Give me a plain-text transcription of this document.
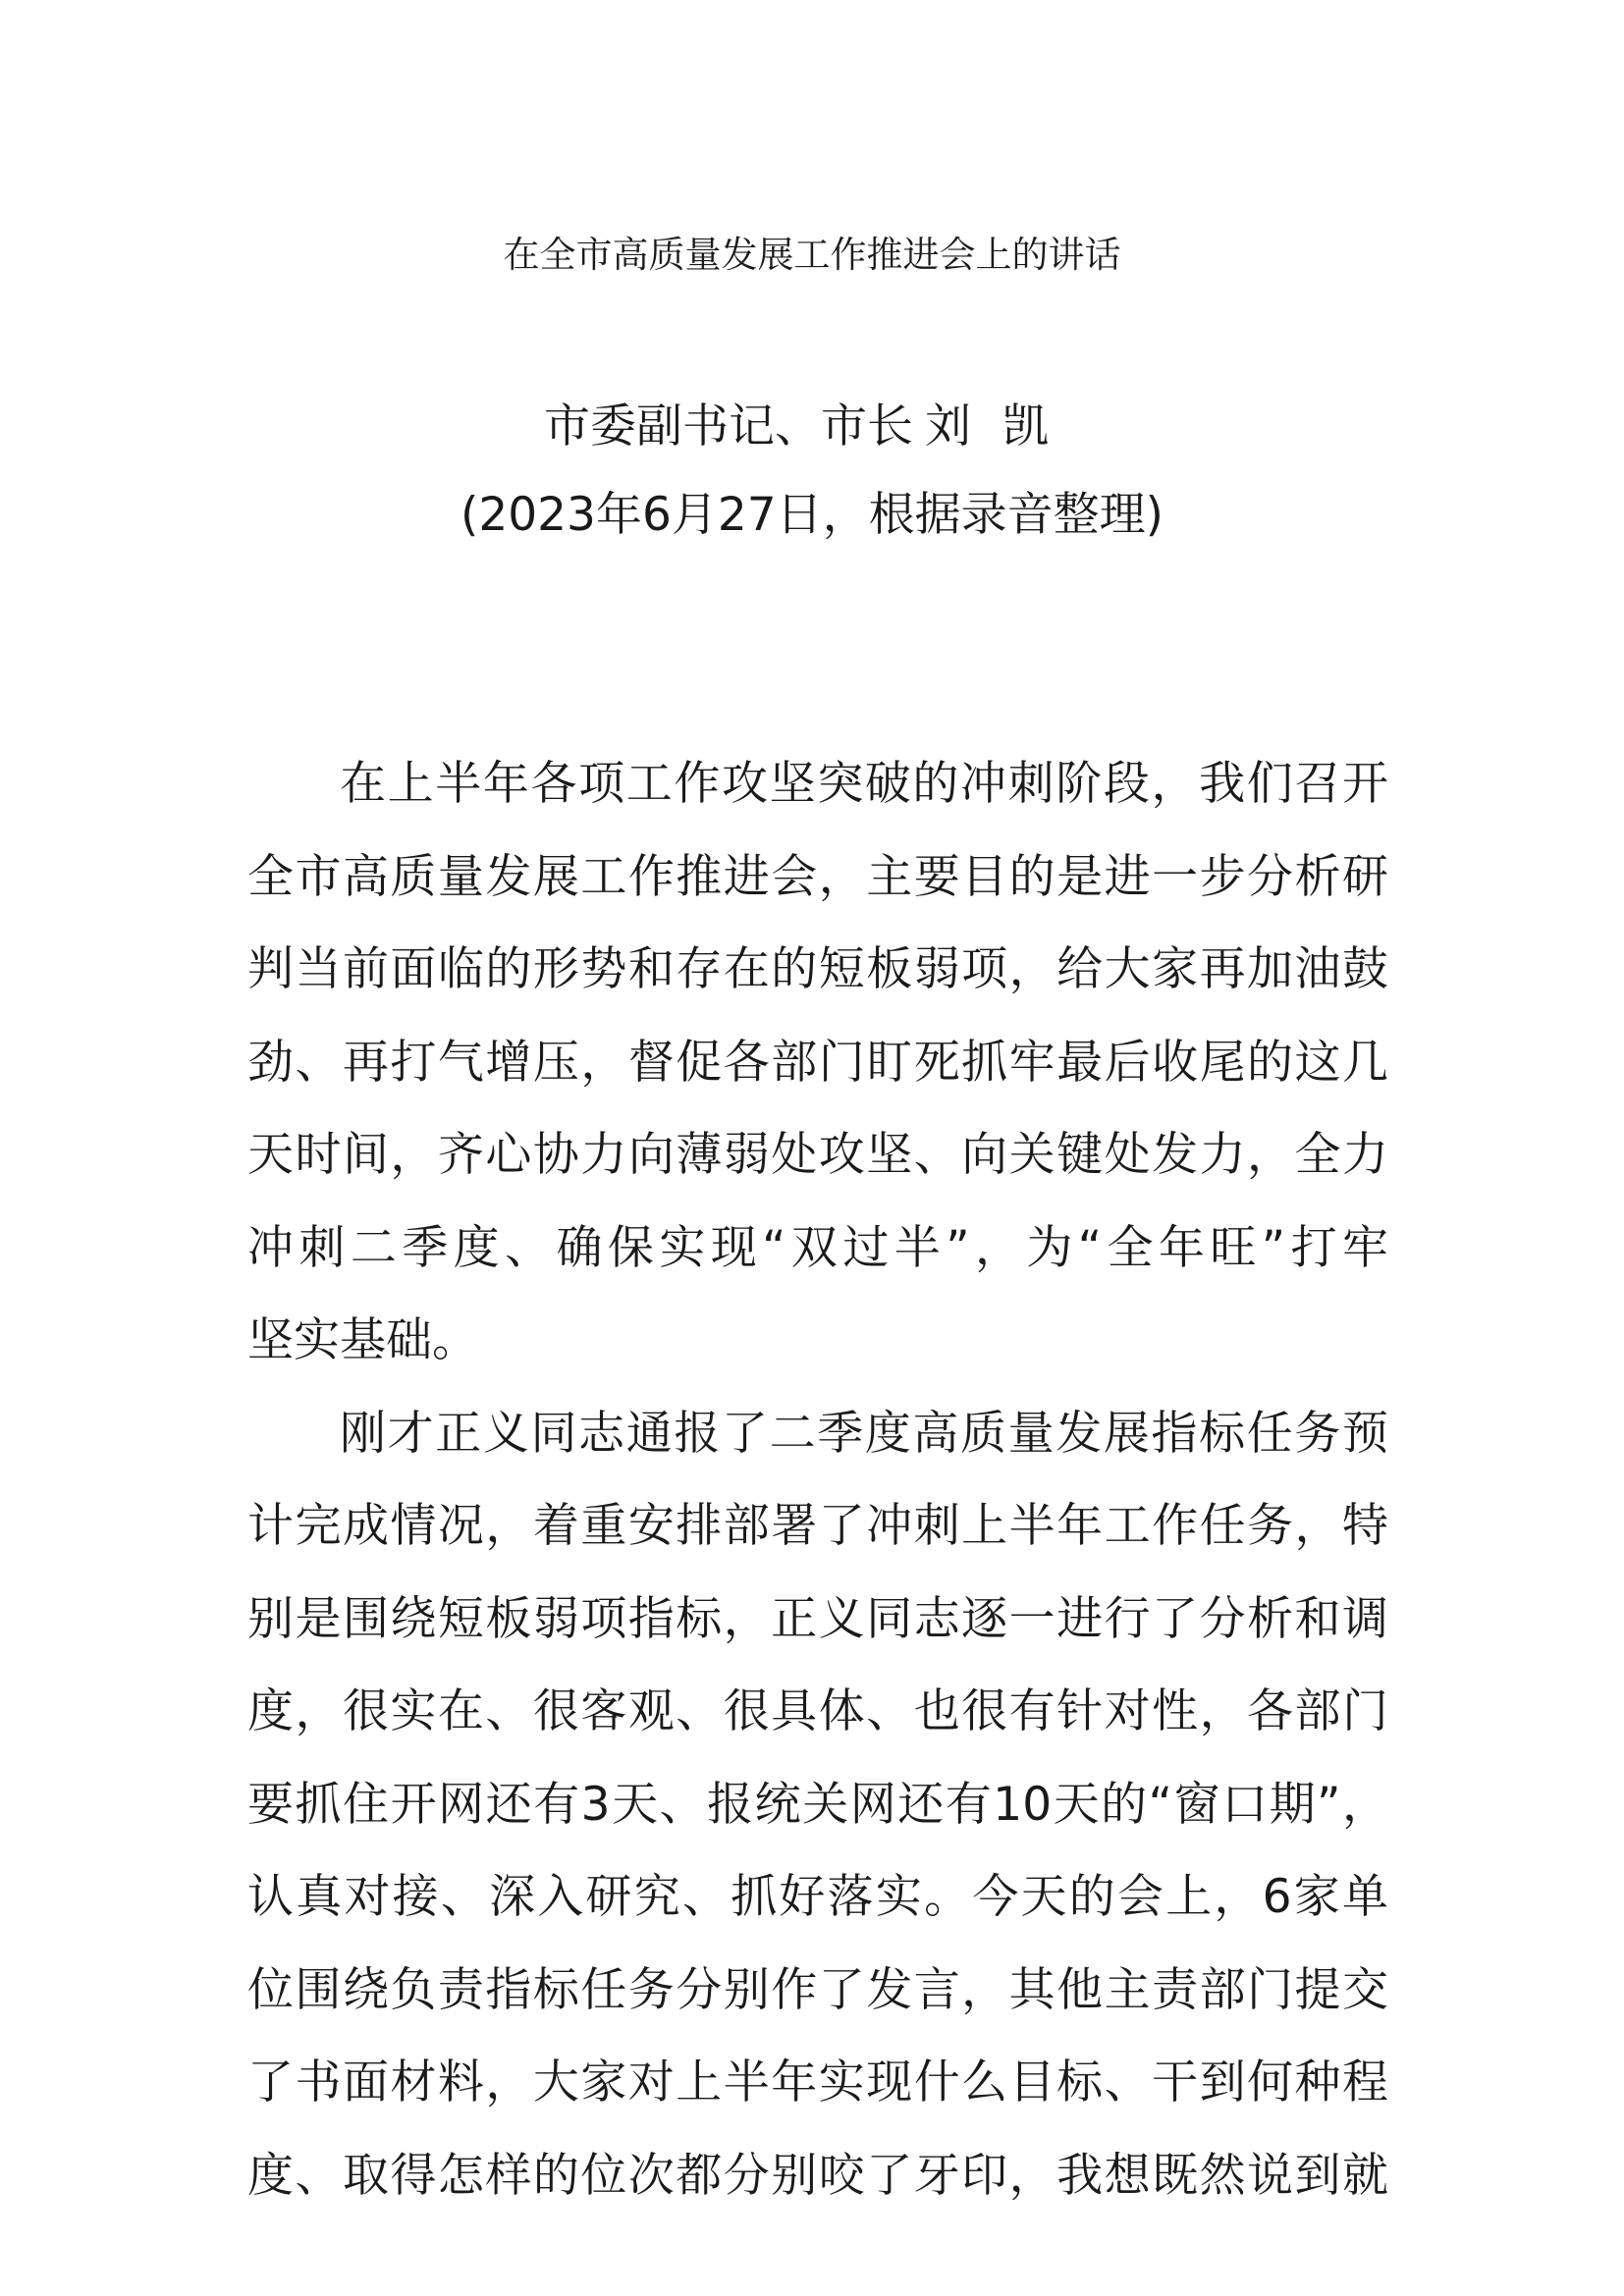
在全市高质量发展工作推进会上的讲话
市委副书记、市长 刘凯
(2023年6月27日，根据录音整理)
在上半年各项工作攻坚突破的冲刺阶段，我们召开
全市高质量发展工作推进会，主要目的是进一步分析研
判当前面临的形势和存在的短板弱项，给大家再加油鼓
劲、再打气增压，督促各部门盯死抓牢最后收尾的这几
天时间，齐心协力向薄弱处攻坚、向关键处发力，全力
冲刺二季度、确保实现“双过半”，为“全年旺”打牢
坚实基础。
刚才正义同志通报了二季度高质量发展指标任务预
计完成情况，着重安排部署了冲刺上半年工作任务，特
别是围绕短板弱项指标，正义同志逐一进行了分析和调
度，很实在、很客观、很具体、也很有针对性，各部门
要抓住开网还有3天、报统关网还有10天的“窗口期”，
认真对接、深入研究、抓好落实。今天的会上，6家单
位围绕负责指标任务分别作了发言，其他主责部门提交
了书面材料，大家对上半年实现什么目标、干到何种程
度、取得怎样的位次都分别咬了牙印，我想既然说到就
